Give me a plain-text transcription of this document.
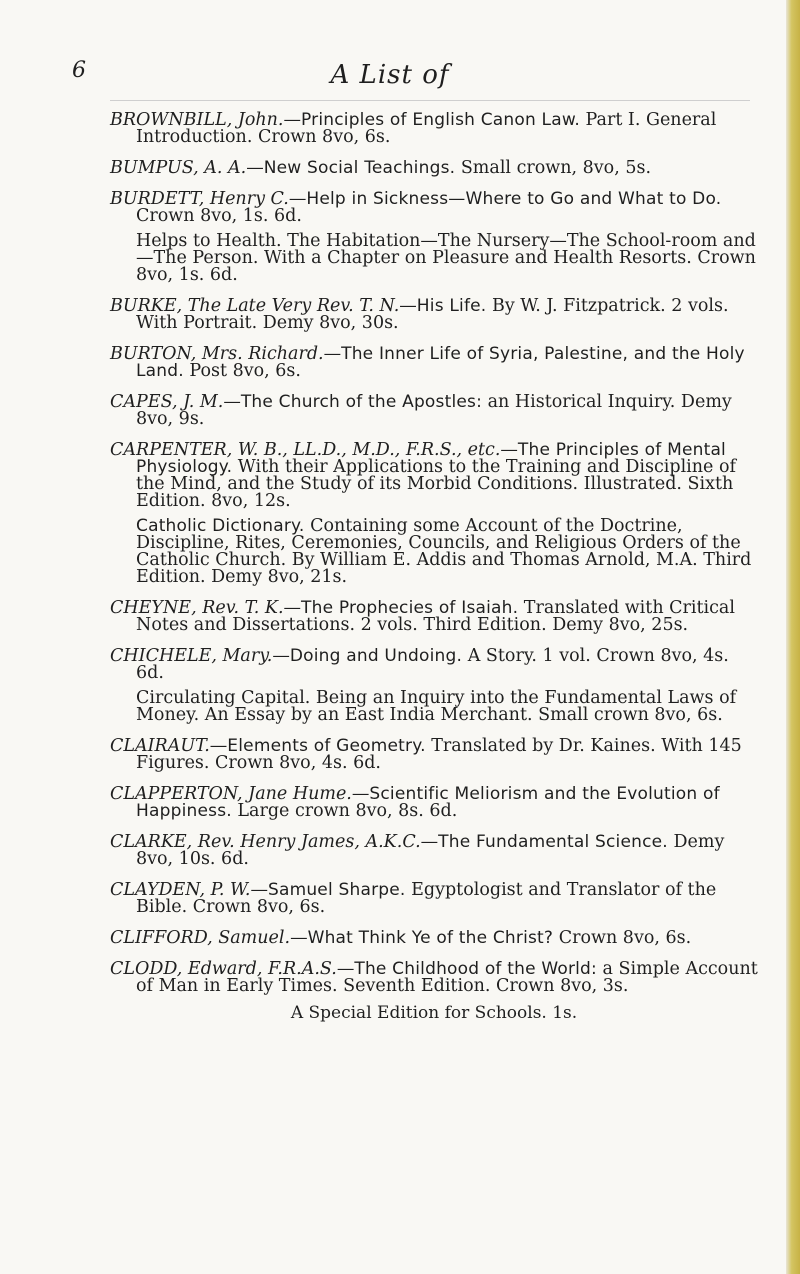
6	A List of

BROWNBILL, John.—Principles of English Canon Law. Part I. General Introduction. Crown 8vo, 6s.

BUMPUS, A. A.—New Social Teachings. Small crown, 8vo, 5s.

BURDETT, Henry C.—Help in Sickness—Where to Go and What to Do. Crown 8vo, 1s. 6d.

Helps to Health. The Habitation—The Nursery—The School-room and—The Person. With a Chapter on Pleasure and Health Resorts. Crown 8vo, 1s. 6d.

BURKE, The Late Very Rev. T. N.—His Life. By W. J. Fitzpatrick. 2 vols. With Portrait. Demy 8vo, 30s.

BURTON, Mrs. Richard.—The Inner Life of Syria, Palestine, and the Holy Land. Post 8vo, 6s.

CAPES, J. M.—The Church of the Apostles: an Historical Inquiry. Demy 8vo, 9s.

CARPENTER, W. B., LL.D., M.D., F.R.S., etc.—The Principles of Mental Physiology. With their Applications to the Training and Discipline of the Mind, and the Study of its Morbid Conditions. Illustrated. Sixth Edition. 8vo, 12s.

Catholic Dictionary. Containing some Account of the Doctrine, Discipline, Rites, Ceremonies, Councils, and Religious Orders of the Catholic Church. By William E. Addis and Thomas Arnold, M.A. Third Edition. Demy 8vo, 21s.

CHEYNE, Rev. T. K.—The Prophecies of Isaiah. Translated with Critical Notes and Dissertations. 2 vols. Third Edition. Demy 8vo, 25s.

CHICHELE, Mary.—Doing and Undoing. A Story. 1 vol. Crown 8vo, 4s. 6d.

Circulating Capital. Being an Inquiry into the Fundamental Laws of Money. An Essay by an East India Merchant. Small crown 8vo, 6s.

CLAIRAUT.—Elements of Geometry. Translated by Dr. Kaines. With 145 Figures. Crown 8vo, 4s. 6d.

CLAPPERTON, Jane Hume.—Scientific Meliorism and the Evolution of Happiness. Large crown 8vo, 8s. 6d.

CLARKE, Rev. Henry James, A.K.C.—The Fundamental Science. Demy 8vo, 10s. 6d.

CLAYDEN, P. W.—Samuel Sharpe. Egyptologist and Translator of the Bible. Crown 8vo, 6s.

CLIFFORD, Samuel.—What Think Ye of the Christ? Crown 8vo, 6s.

CLODD, Edward, F.R.A.S.—The Childhood of the World: a Simple Account of Man in Early Times. Seventh Edition. Crown 8vo, 3s.

A Special Edition for Schools. 1s.
